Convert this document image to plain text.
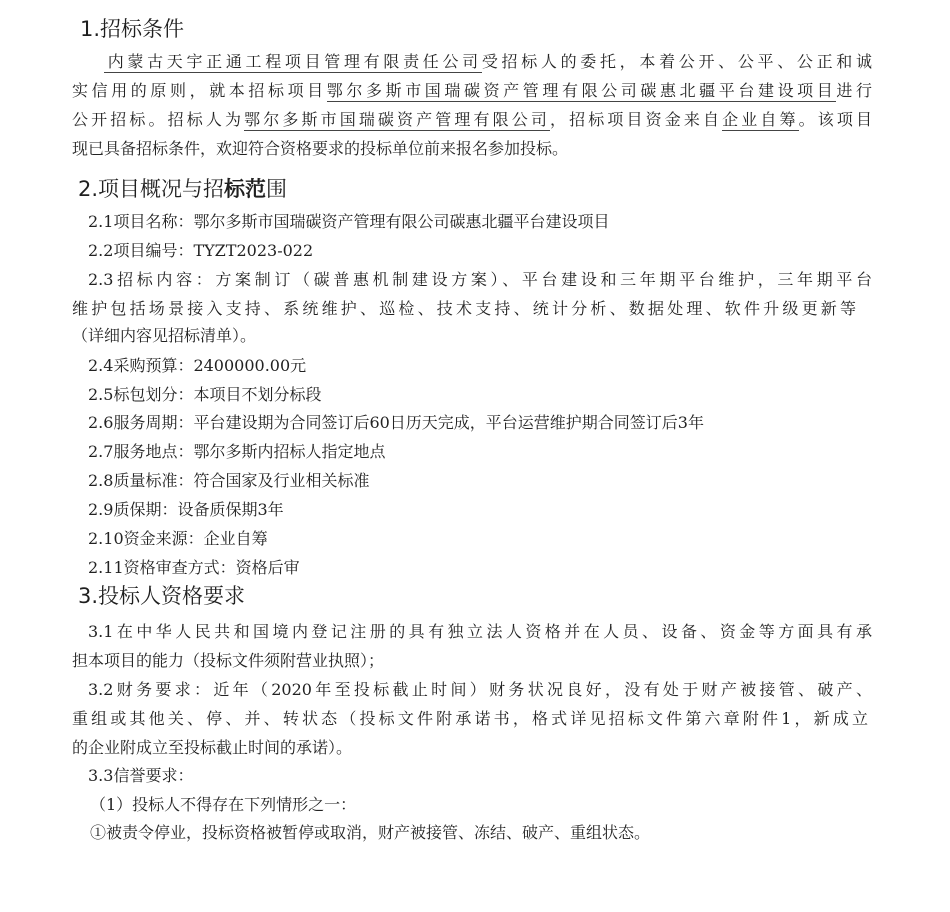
1.招标条件
内蒙古天宇正通工程项目管理有限责任公司受招标人的委托，本着公开、公平、公正和诚
实信用的原则，就本招标项目鄂尔多斯市国瑞碳资产管理有限公司碳惠北疆平台建设项目进行
公开招标。招标人为鄂尔多斯市国瑞碳资产管理有限公司，招标项目资金来自企业自筹。该项目
现已具备招标条件，欢迎符合资格要求的投标单位前来报名参加投标。
2.项目概况与招标范围
2.1项目名称：鄂尔多斯市国瑞碳资产管理有限公司碳惠北疆平台建设项目
2.2项目编号：TYZT2023-022
2.3招标内容：方案制订（碳普惠机制建设方案）、平台建设和三年期平台维护，三年期平台
维护包括场景接入支持、系统维护、巡检、技术支持、统计分析、数据处理、软件升级更新等
（详细内容见招标清单）。
2.4采购预算：2400000.00元
2.5标包划分：本项目不划分标段
2.6服务周期：平台建设期为合同签订后60日历天完成，平台运营维护期合同签订后3年
2.7服务地点：鄂尔多斯内招标人指定地点
2.8质量标准：符合国家及行业相关标准
2.9质保期：设备质保期3年
2.10资金来源：企业自筹
2.11资格审查方式：资格后审
3.投标人资格要求
3.1在中华人民共和国境内登记注册的具有独立法人资格并在人员、设备、资金等方面具有承
担本项目的能力（投标文件须附营业执照）；
3.2财务要求：近年（2020年至投标截止时间）财务状况良好，没有处于财产被接管、破产、
重组或其他关、停、并、转状态（投标文件附承诺书，格式详见招标文件第六章附件1，新成立
的企业附成立至投标截止时间的承诺）。
3.3信誉要求：
（1）投标人不得存在下列情形之一：
①被责令停业，投标资格被暂停或取消，财产被接管、冻结、破产、重组状态。
